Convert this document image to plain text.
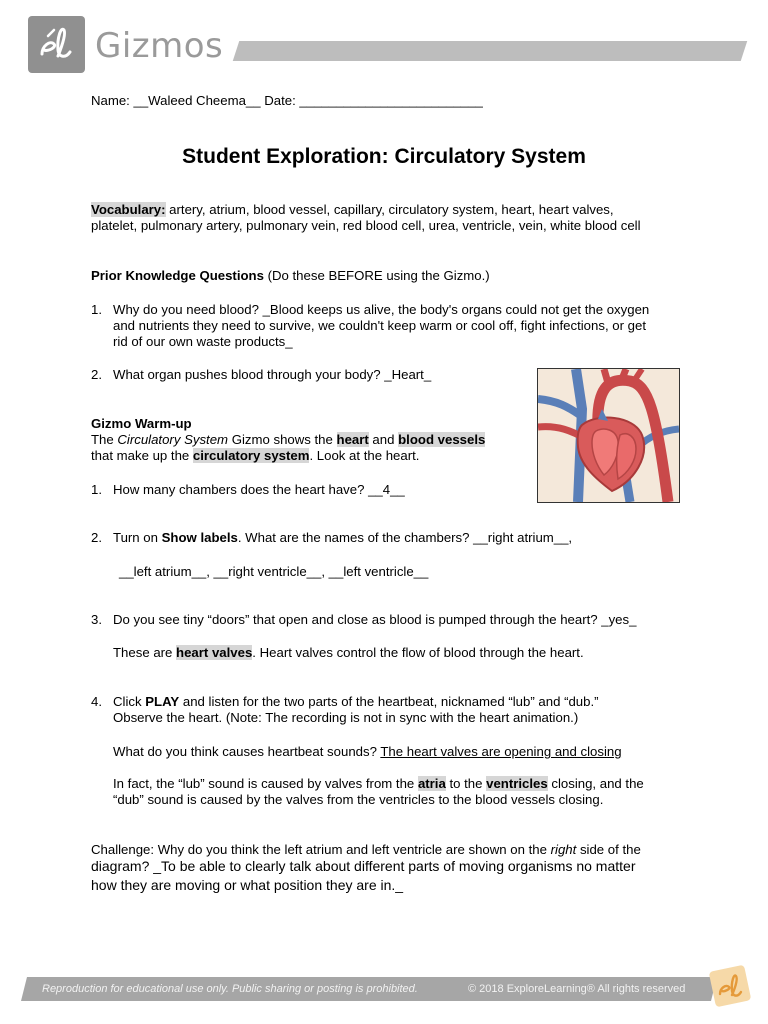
Gizmos
Name: __Waleed Cheema__ Date: _________________________
Student Exploration: Circulatory System
Vocabulary: artery, atrium, blood vessel, capillary, circulatory system, heart, heart valves,
platelet, pulmonary artery, pulmonary vein, red blood cell, urea, ventricle, vein, white blood cell
Prior Knowledge Questions (Do these BEFORE using the Gizmo.)
1. Why do you need blood? _Blood keeps us alive, the body's organs could not get the oxygen
and nutrients they need to survive, we couldn't keep warm or cool off, fight infections, or get
rid of our own waste products_
2. What organ pushes blood through your body? _Heart_
Gizmo Warm-up
The Circulatory System Gizmo shows the heart and blood vessels
that make up the circulatory system. Look at the heart.
1. How many chambers does the heart have? __4__
2. Turn on Show labels. What are the names of the chambers? __right atrium__,
__left atrium__, __right ventricle__, __left ventricle__
3. Do you see tiny “doors” that open and close as blood is pumped through the heart? _yes_
These are heart valves. Heart valves control the flow of blood through the heart.
4. Click PLAY and listen for the two parts of the heartbeat, nicknamed “lub” and “dub.”
Observe the heart. (Note: The recording is not in sync with the heart animation.)
What do you think causes heartbeat sounds? The heart valves are opening and closing
In fact, the “lub” sound is caused by valves from the atria to the ventricles closing, and the
“dub” sound is caused by the valves from the ventricles to the blood vessels closing.
Challenge: Why do you think the left atrium and left ventricle are shown on the right side of the
diagram? _To be able to clearly talk about different parts of moving organisms no matter
how they are moving or what position they are in._
Reproduction for educational use only. Public sharing or posting is prohibited.	© 2018 ExploreLearning® All rights reserved
